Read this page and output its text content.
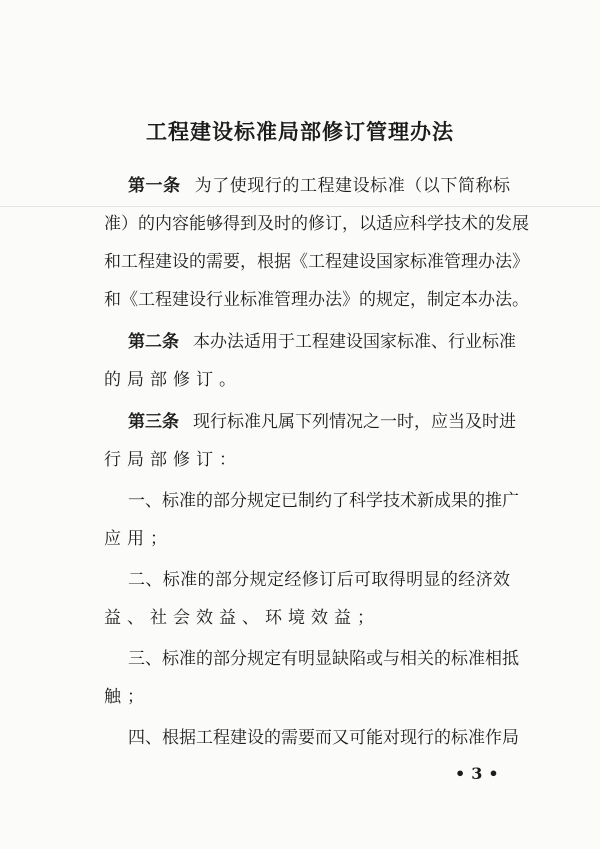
工程建设标准局部修订管理办法
第一条 为了使现行的工程建设标准（以下简称标
准）的内容能够得到及时的修订，以适应科学技术的发展
和工程建设的需要，根据《工程建设国家标准管理办法》
和《工程建设行业标准管理办法》的规定，制定本办法。
第二条 本办法适用于工程建设国家标准、行业标准
的局部修订。
第三条 现行标准凡属下列情况之一时，应当及时进
行局部修订：
一、标准的部分规定已制约了科学技术新成果的推广
应用；
二、标准的部分规定经修订后可取得明显的经济效
益、社会效益、环境效益；
三、标准的部分规定有明显缺陷或与相关的标准相抵
触；
四、根据工程建设的需要而又可能对现行的标准作局
•3•
